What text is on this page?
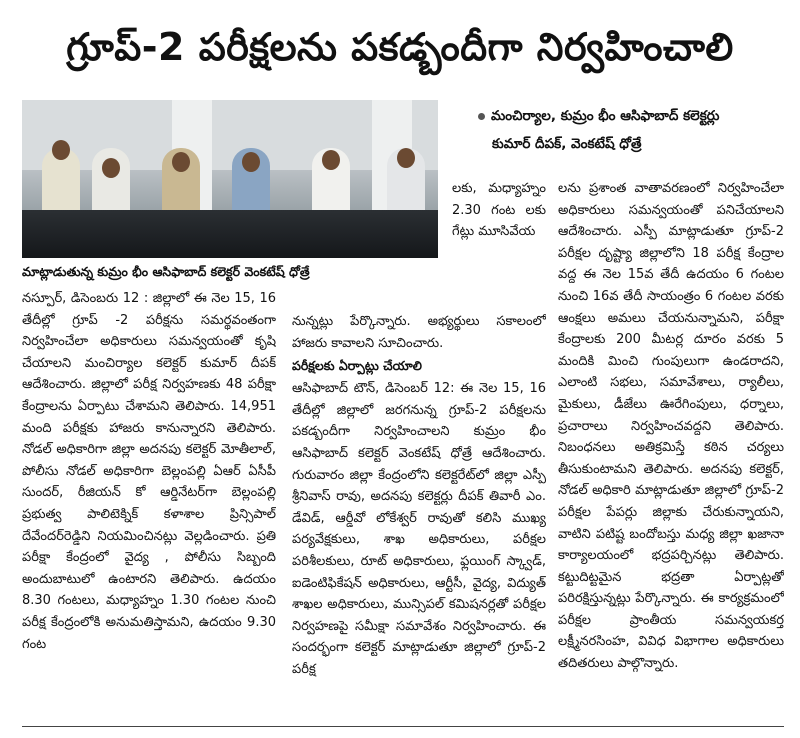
గ్రూప్-2 పరీక్షలను పకడ్బందీగా నిర్వహించాలి
మాట్లాడుతున్న కుమ్రం భీం ఆసిఫాబాద్ కలెక్టర్ వెంకటేష్ ధోత్రే
మంచిర్యాల, కుమ్రం భీం ఆసిఫాబాద్ కలెక్టర్లు
కుమార్ దీపక్, వెంకటేష్ ధోత్రే

నస్పూర్, డిసెంబరు 12 : జిల్లాలో ఈ నెల 15, 16 తేదీల్లో గ్రూప్ -2 పరీక్షను సమర్థవంతంగా నిర్వహించేలా అధికారులు సమన్వయంతో కృషి చేయాలని మంచిర్యాల కలెక్టర్ కుమార్ దీపక్ ఆదేశించారు. జిల్లాలో పరీక్ష నిర్వహణకు 48 పరీక్షా కేంద్రాలను ఏర్పాటు చేశామని తెలిపారు. 14,951 మంది పరీక్షకు హాజరు కానున్నారని తెలిపారు. నోడల్ అధికారిగా జిల్లా అదనపు కలెక్టర్ మోతీలాల్, పోలీసు నోడల్ అధికారిగా బెల్లంపల్లి ఏఆర్ ఏసీపీ సుందర్, రీజియన్ కో ఆర్డినేటర్‌గా బెల్లంపల్లి ప్రభుత్వ పాలిటెక్నిక్ కళాశాల ప్రిన్సిపాల్ దేవేందర్‌రెడ్డిని నియమించినట్లు వెల్లడించారు. ప్రతి పరీక్షా కేంద్రంలో వైద్య , పోలీసు సిబ్బంది అందుబాటులో ఉంటారని తెలిపారు. ఉదయం 8.30 గంటలు, మధ్యాహ్నం 1.30 గంటల నుంచి పరీక్ష కేంద్రంలోకి అనుమతిస్తామని, ఉదయం 9.30 గంట

లకు, మధ్యాహ్నం 2.30 గంట లకు గేట్లు మూసివేయ

నున్నట్లు పేర్కొన్నారు. అభ్యర్థులు సకాలంలో హాజరు కావాలని సూచించారు.

పరీక్షలకు ఏర్పాట్లు చేయాలి

ఆసిఫాబాద్ టౌన్, డిసెంబర్ 12: ఈ నెల 15, 16 తేదీల్లో జిల్లాలో జరగనున్న గ్రూప్-2 పరీక్షలను పకడ్బందీగా నిర్వహించాలని కుమ్రం భీం ఆసిఫాబాద్ కలెక్టర్ వెంకటేష్ ధోత్రే ఆదేశించారు. గురువారం జిల్లా కేంద్రంలోని కలెక్టరేట్‌లో జిల్లా ఎస్పీ శ్రీనివాస్ రావు, అదనపు కలెక్టర్లు దీపక్ తివారీ ఎం. డేవిడ్, ఆర్డీవో లోకేశ్వర్ రావుతో కలిసి ముఖ్య పర్యవేక్షకులు, శాఖ అధికారులు, పరీక్షల పరిశీలకులు, రూట్ అధికారులు, ఫ్లయింగ్ స్క్వాడ్, ఐడెంటిఫికేషన్ అధికారులు, ఆర్టీసీ, వైద్య, విద్యుత్ శాఖల అధికారులు, మున్సిపల్ కమిషనర్లతో పరీక్షల నిర్వహణపై సమీక్షా సమావేశం నిర్వహించారు. ఈ సందర్భంగా కలెక్టర్ మాట్లాడుతూ జిల్లాలో గ్రూప్-2 పరీక్ష

లను ప్రశాంత వాతావరణంలో నిర్వహించేలా అధికారులు సమన్వయంతో పనిచేయాలని ఆదేశించారు. ఎస్పీ మాట్లాడుతూ గ్రూప్-2 పరీక్షల దృష్ట్యా జిల్లాలోని 18 పరీక్ష కేంద్రాల వద్ద ఈ నెల 15వ తేదీ ఉదయం 6 గంటల నుంచి 16వ తేదీ సాయంత్రం 6 గంటల వరకు ఆంక్షలు అమలు చేయనున్నామని, పరీక్షా కేంద్రాలకు 200 మీటర్ల దూరం వరకు 5 మందికి మించి గుంపులుగా ఉండరాదని, ఎలాంటి సభలు, సమావేశాలు, ర్యాలీలు, మైకులు, డీజేలు ఊరేగింపులు, ధర్నాలు, ప్రచారాలు నిర్వహించవద్దని తెలిపారు. నిబంధనలు అతిక్రమిస్తే కఠిన చర్యలు తీసుకుంటామని తెలిపారు. అదనపు కలెక్టర్, నోడల్ అధికారి మాట్లాడుతూ జిల్లాలో గ్రూప్-2 పరీక్షల పేపర్లు జిల్లాకు చేరుకున్నాయని, వాటిని పటిష్ట బందోబస్తు మధ్య జిల్లా ఖజానా కార్యాలయంలో భద్రపర్చినట్లు తెలిపారు. కట్టుదిట్టమైన భద్రతా ఏర్పాట్లతో పరిరక్షిస్తున్నట్లు పేర్కొన్నారు. ఈ కార్యక్రమంలో పరీక్షల ప్రాంతీయ సమన్వయకర్త లక్ష్మీనరసింహ, వివిధ విభాగాల అధికారులు తదితరులు పాల్గొన్నారు.
